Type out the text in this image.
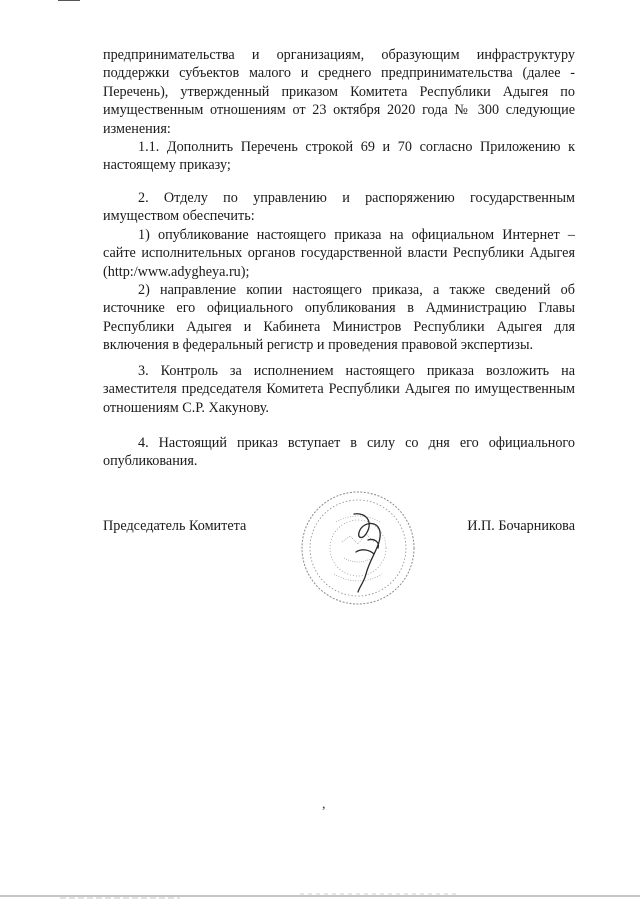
предпринимательства и организациям, образующим инфраструктуру поддержки субъектов малого и среднего предпринимательства (далее - Перечень), утвержденный приказом Комитета Республики Адыгея по имущественным отношениям от 23 октября 2020 года № 300 следующие изменения:

1.1. Дополнить Перечень строкой 69 и 70 согласно Приложению к настоящему приказу;

2. Отделу по управлению и распоряжению государственным имуществом обеспечить:

1) опубликование настоящего приказа на официальном Интернет – сайте исполнительных органов государственной власти Республики Адыгея (http:/www.adygheya.ru);

2) направление копии настоящего приказа, а также сведений об источнике его официального опубликования в Администрацию Главы Республики Адыгея и Кабинета Министров Республики Адыгея для включения в федеральный регистр и проведения правовой экспертизы.

3. Контроль за исполнением настоящего приказа возложить на заместителя председателя Комитета Республики Адыгея по имущественным отношениям С.Р. Хакунову.

4. Настоящий приказ вступает в силу со дня его официального опубликования.

Председатель Комитета	И.П. Бочарникова
,
